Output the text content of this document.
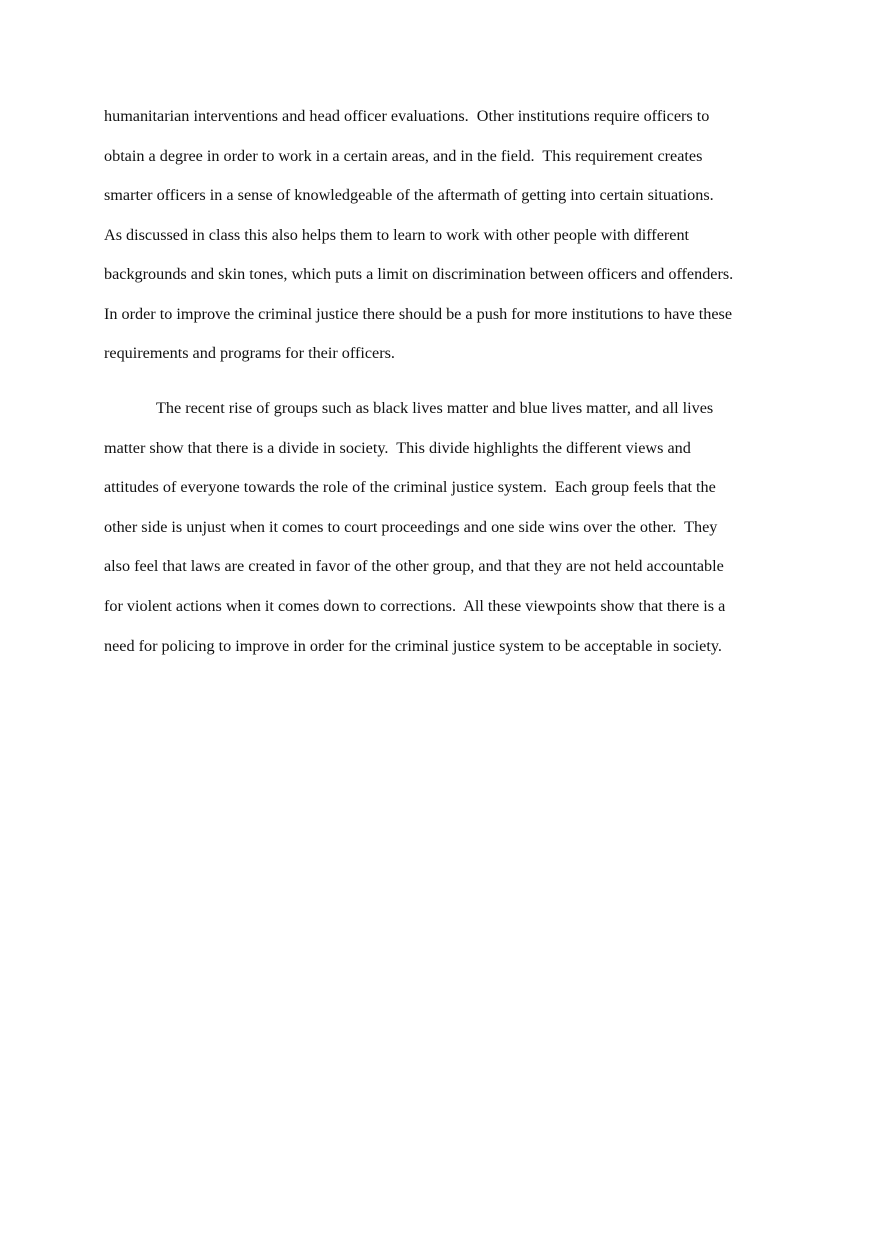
humanitarian interventions and head officer evaluations.  Other institutions require officers to
obtain a degree in order to work in a certain areas, and in the field.  This requirement creates
smarter officers in a sense of knowledgeable of the aftermath of getting into certain situations.
As discussed in class this also helps them to learn to work with other people with different
backgrounds and skin tones, which puts a limit on discrimination between officers and offenders.
In order to improve the criminal justice there should be a push for more institutions to have these
requirements and programs for their officers.
The recent rise of groups such as black lives matter and blue lives matter, and all lives
matter show that there is a divide in society.  This divide highlights the different views and
attitudes of everyone towards the role of the criminal justice system.  Each group feels that the
other side is unjust when it comes to court proceedings and one side wins over the other.  They
also feel that laws are created in favor of the other group, and that they are not held accountable
for violent actions when it comes down to corrections.  All these viewpoints show that there is a
need for policing to improve in order for the criminal justice system to be acceptable in society.
